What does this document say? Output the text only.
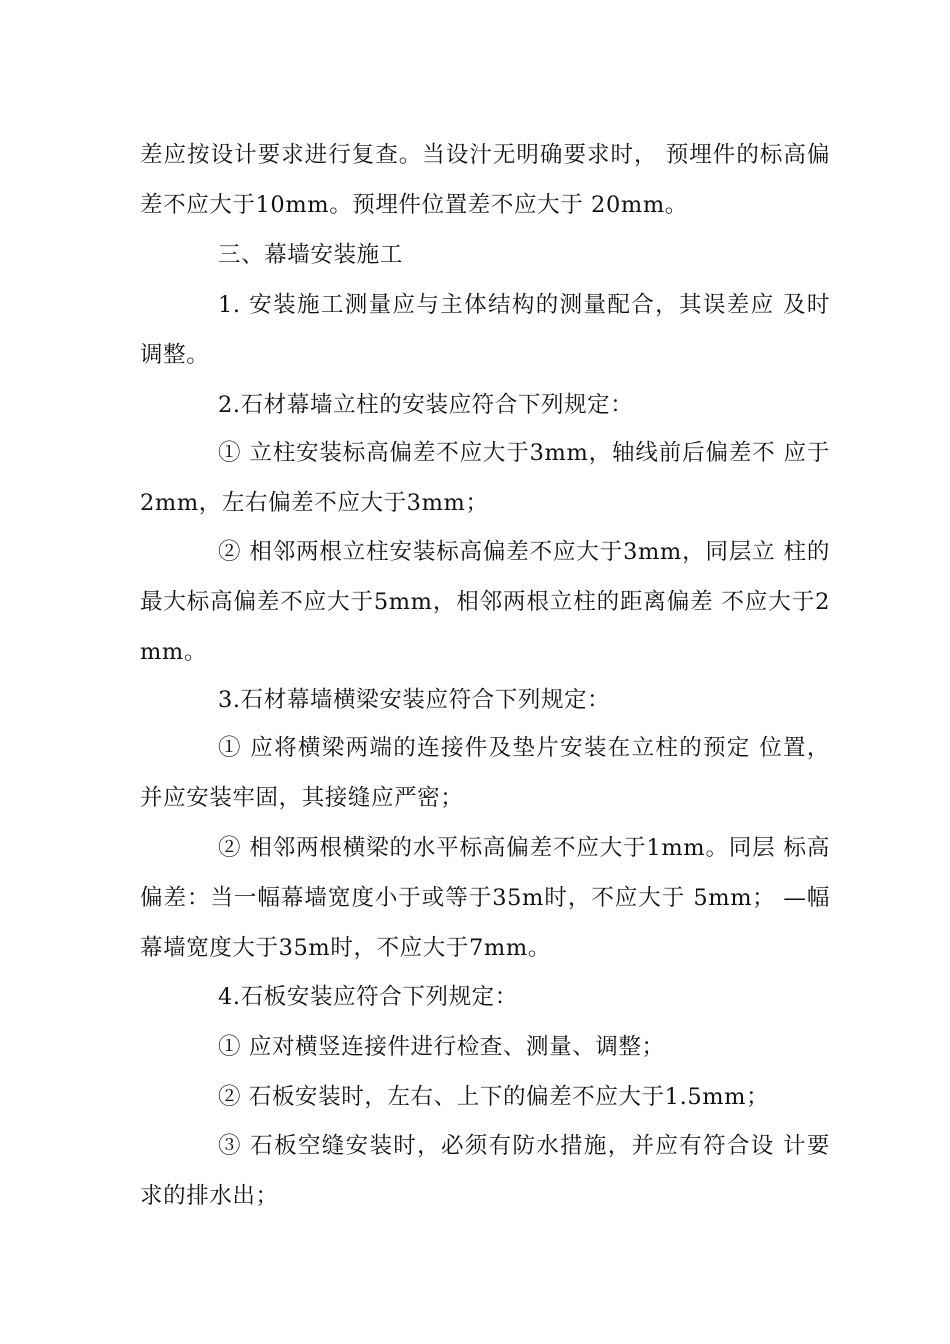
差应按设计要求进行复查。当设汁无明确要求时， 预埋件的标高偏差不应大于10mm。预埋件位置差不应大于 20mm。

三、幕墙安装施工

1. 安装施工测量应与主体结构的测量配合，其误差应 及时调整。

2.石材幕墙立柱的安装应符合下列规定：

① 立柱安装标高偏差不应大于3mm，轴线前后偏差不 应于2mm，左右偏差不应大于3mm；

② 相邻两根立柱安装标高偏差不应大于3mm，同层立 柱的最大标高偏差不应大于5mm，相邻两根立柱的距离偏差 不应大于2mm。

3.石材幕墙横梁安装应符合下列规定：

① 应将横梁两端的连接件及垫片安装在立柱的预定 位置，并应安装牢固，其接缝应严密；

② 相邻两根横梁的水平标高偏差不应大于1mm。同层 标高偏差：当一幅幕墙宽度小于或等于35m时，不应大于 5mm； —幅幕墙宽度大于35m时，不应大于7mm。

4.石板安装应符合下列规定：

① 应对横竖连接件进行检查、测量、调整；

② 石板安装时，左右、上下的偏差不应大于1.5mm；

③ 石板空缝安装时，必须有防水措施，并应有符合设 计要求的排水出；
